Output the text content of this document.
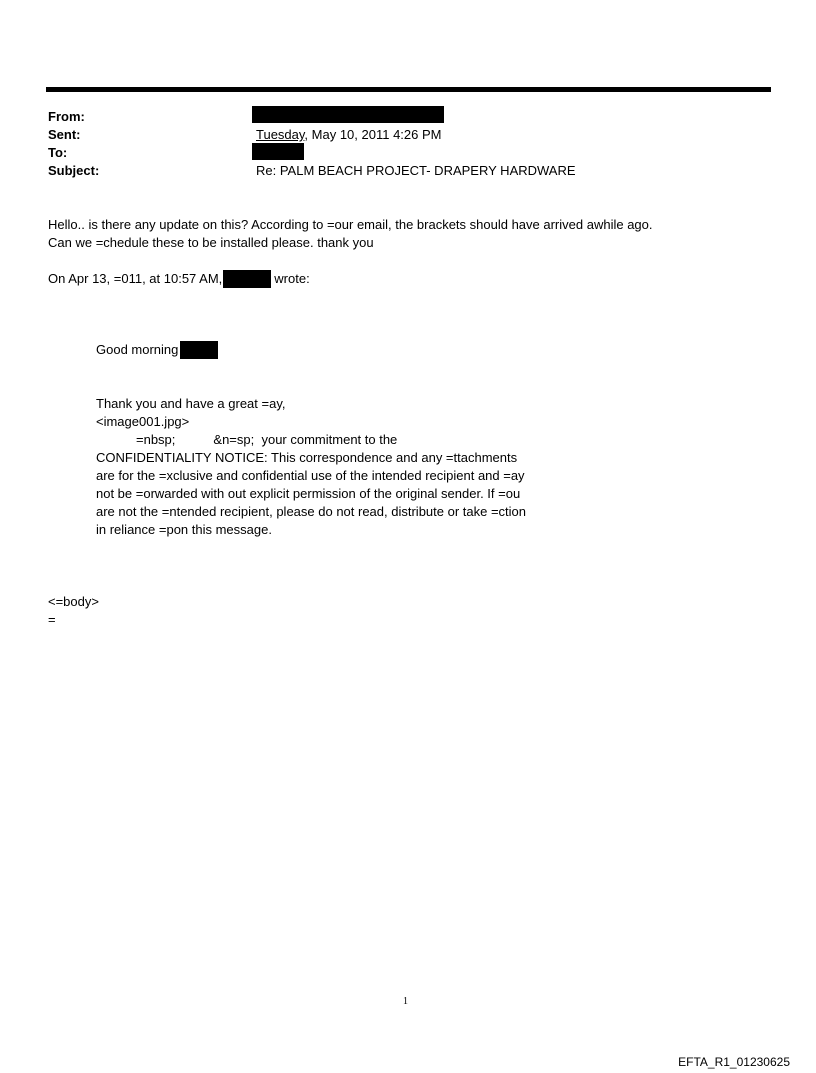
From:
Sent:
To:
Subject:
Tuesday, May 10, 2011 4:26 PM
Re: PALM BEACH PROJECT- DRAPERY HARDWARE
Hello.. is there any update on this? According to =our email, the brackets should have arrived awhile ago.
Can we =chedule these to be installed please. thank you
On Apr 13, =011, at 10:57 AM,	wrote:
Good morning
Thank you and have a great =ay,
<image001.jpg>
=nbsp;	&n=sp;  your commitment to the
CONFIDENTIALITY NOTICE: This correspondence and any =ttachments
are for the =xclusive and confidential use of the intended recipient and =ay
not be =orwarded with out explicit permission of the original sender. If =ou
are not the =ntended recipient, please do not read, distribute or take =ction
in reliance =pon this message.
<=body>
=
1
EFTA_R1_01230625
